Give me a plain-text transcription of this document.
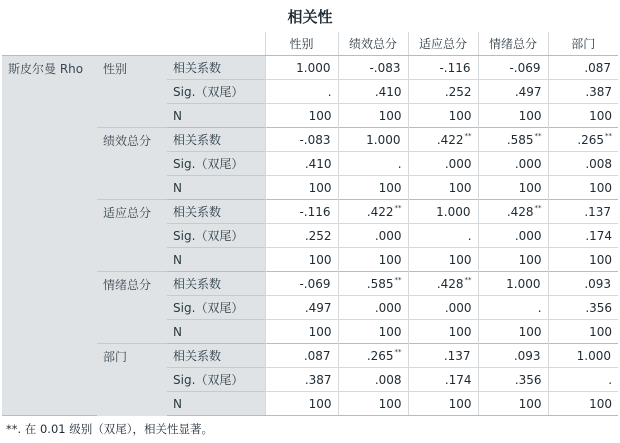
相关性
			性别	绩效总分	适应总分	情绪总分	部门
斯皮尔曼 Rho	性别	相关系数	1.000	-.083	-.116	-.069	.087
		Sig.（双尾）	.	.410	.252	.497	.387
		N	100	100	100	100	100
	绩效总分	相关系数	-.083	1.000	.422**	.585**	.265**
		Sig.（双尾）	.410	.	.000	.000	.008
		N	100	100	100	100	100
	适应总分	相关系数	-.116	.422**	1.000	.428**	.137
		Sig.（双尾）	.252	.000	.	.000	.174
		N	100	100	100	100	100
	情绪总分	相关系数	-.069	.585**	.428**	1.000	.093
		Sig.（双尾）	.497	.000	.000	.	.356
		N	100	100	100	100	100
	部门	相关系数	.087	.265**	.137	.093	1.000
		Sig.（双尾）	.387	.008	.174	.356	.
		N	100	100	100	100	100
**. 在 0.01 级别（双尾），相关性显著。
